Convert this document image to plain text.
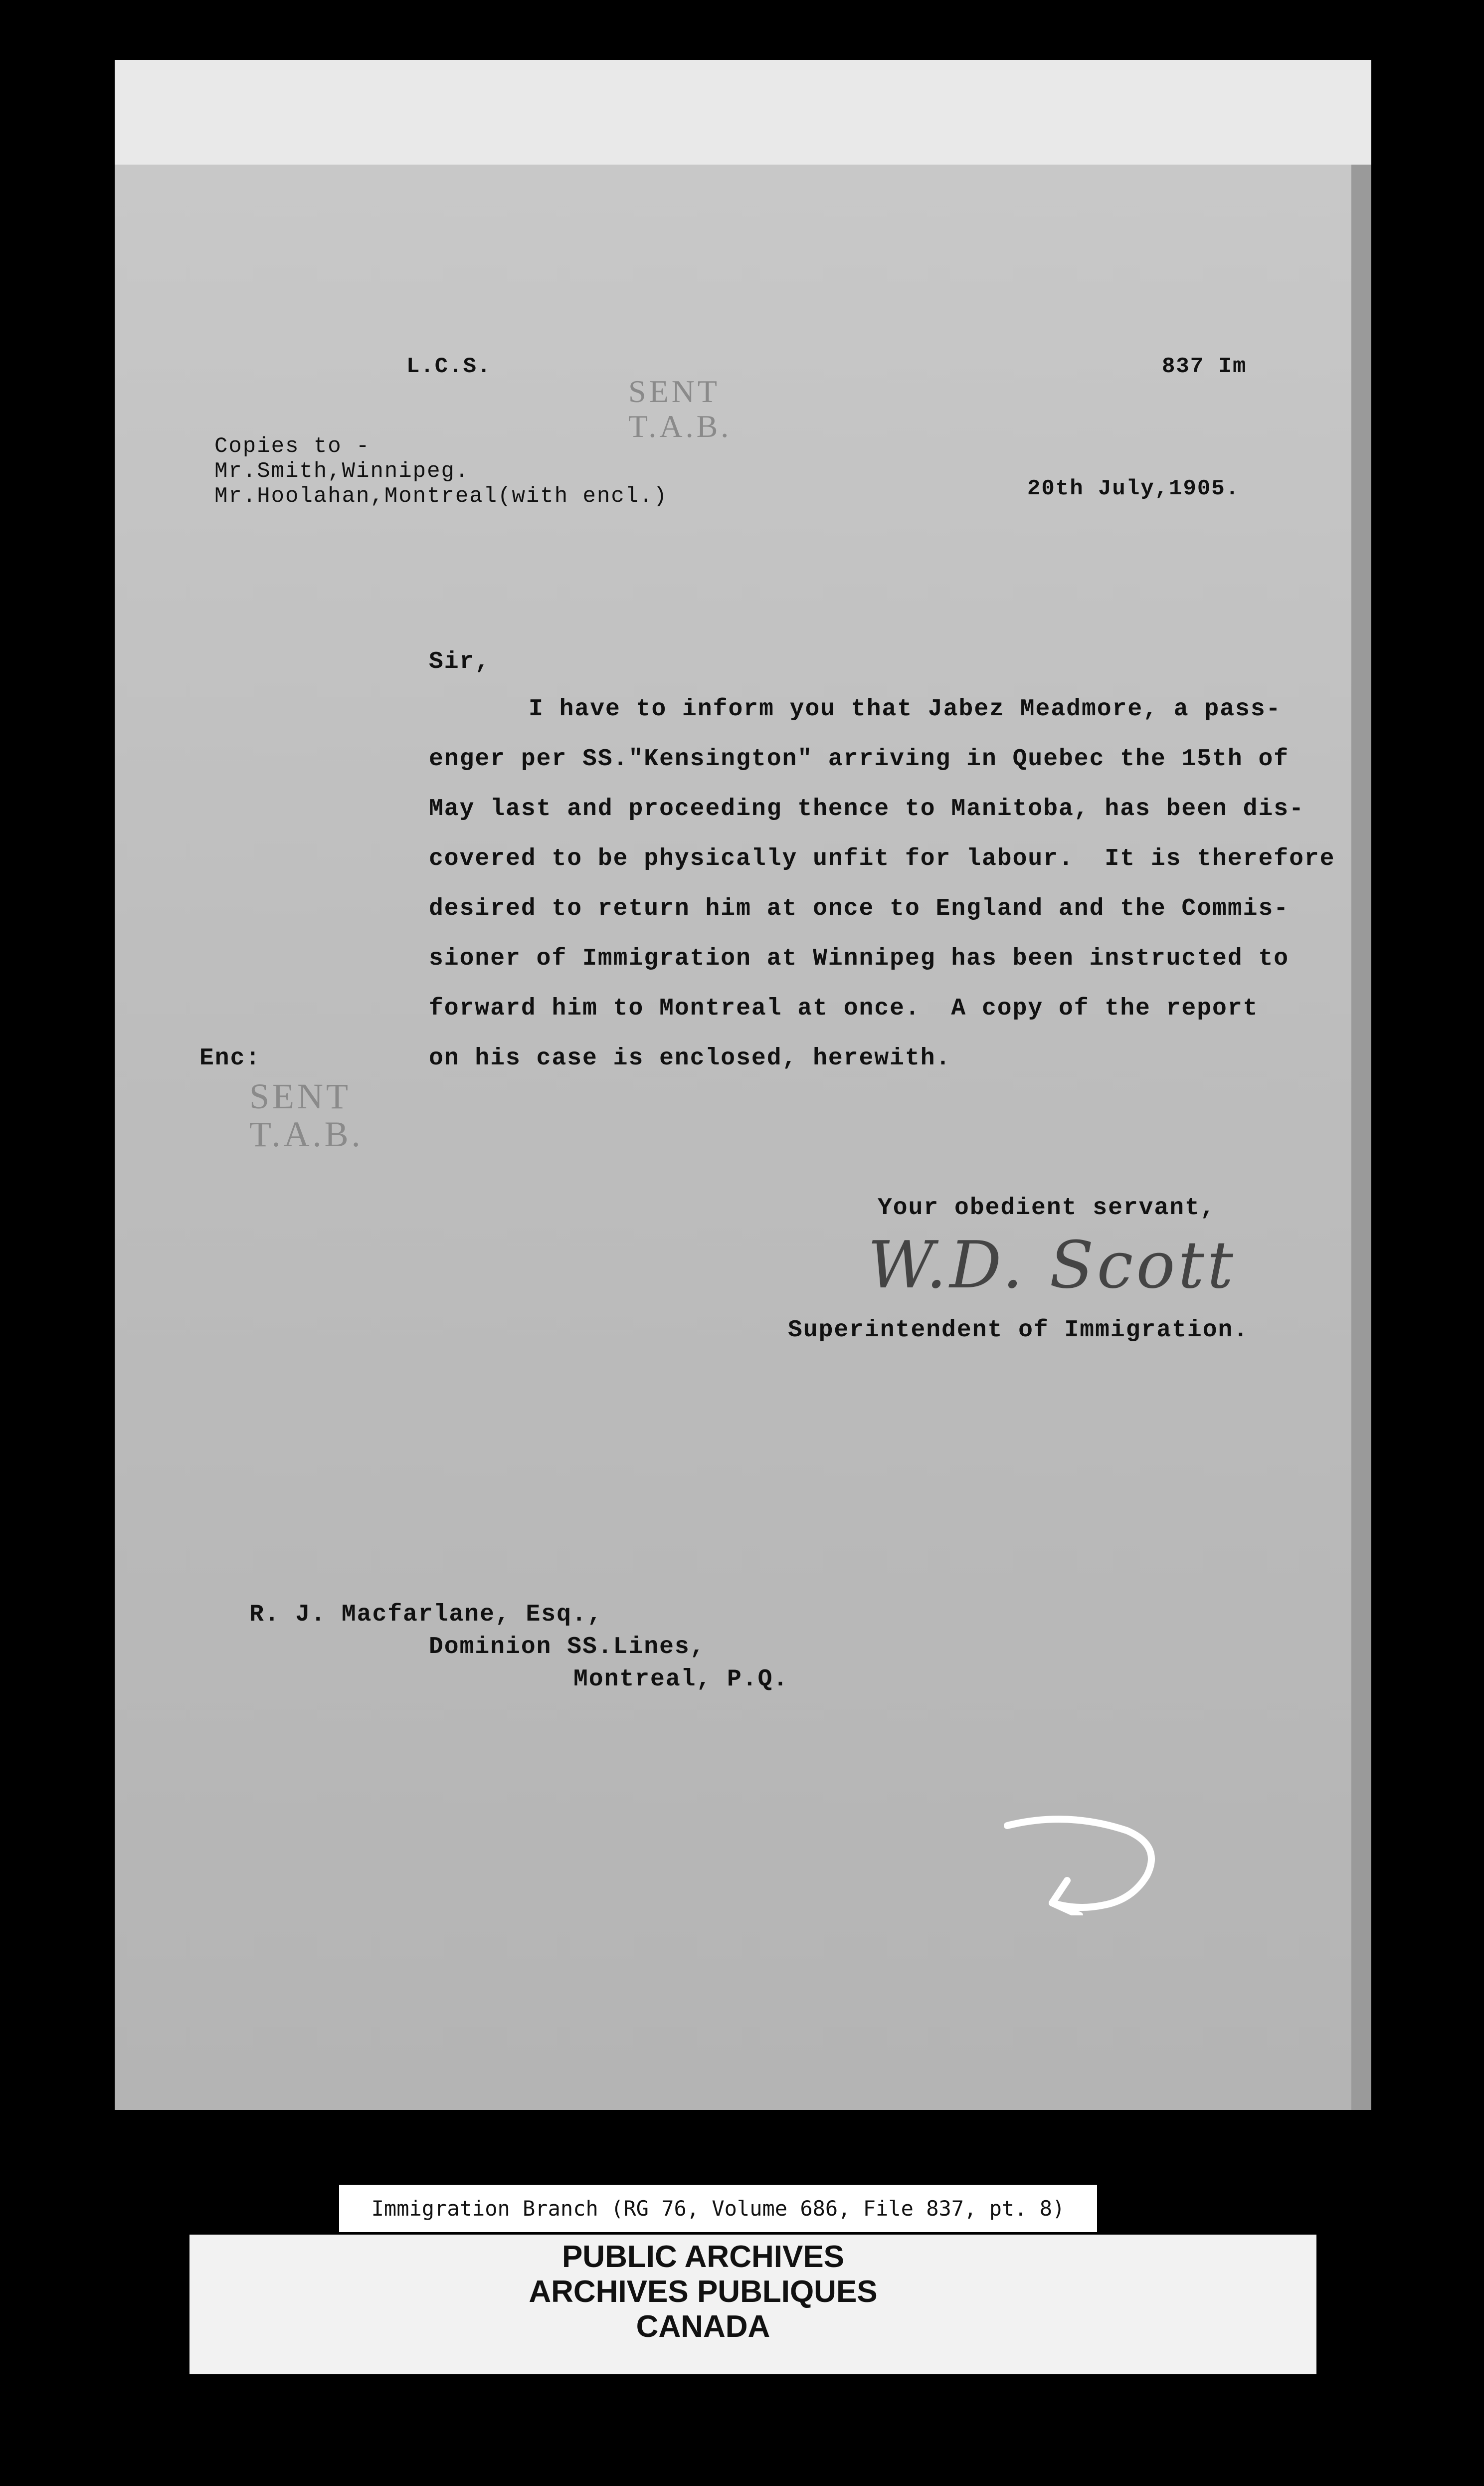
L.C.S.	837 Im
SENT
T.A.B.
Copies to -
Mr.Smith,Winnipeg.
Mr.Hoolahan,Montreal(with encl.)	20th July,1905.
Sir,
I have to inform you that Jabez Meadmore, a pass-
enger per SS."Kensington" arriving in Quebec the 15th of
May last and proceeding thence to Manitoba, has been dis-
covered to be physically unfit for labour.  It is therefore
desired to return him at once to England and the Commis-
sioner of Immigration at Winnipeg has been instructed to
forward him to Montreal at once.  A copy of the report
on his case is enclosed, herewith.
Enc:
SENT
T.A.B.
Your obedient servant,
W.D. Scott
Superintendent of Immigration.
R. J. Macfarlane, Esq.,
Dominion SS.Lines,
Montreal, P.Q.
Immigration Branch (RG 76, Volume 686, File 837, pt. 8)
PUBLIC ARCHIVES
ARCHIVES PUBLIQUES
CANADA
